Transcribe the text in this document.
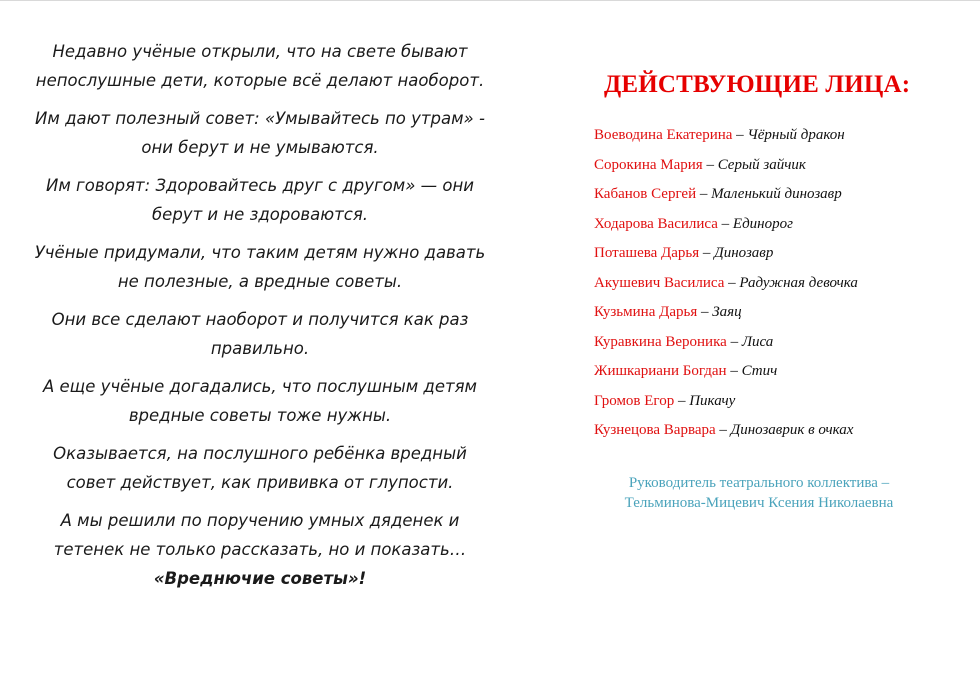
Недавно учёные открыли, что на свете бывают непослушные дети, которые всё делают наоборот.

Им дают полезный совет: «Умывайтесь по утрам» - они берут и не умываются.

Им говорят: Здоровайтесь друг с другом» — они берут и не здороваются.

Учёные придумали, что таким детям нужно давать не полезные, а вредные советы.

Они все сделают наоборот и получится как раз правильно.

А еще учёные догадались, что послушным детям вредные советы тоже нужны.

Оказывается, на послушного ребёнка вредный совет действует, как прививка от глупости.

А мы решили по поручению умных дяденек и тетенек не только рассказать, но и показать…
«Вреднючие советы»!

ДЕЙСТВУЮЩИЕ ЛИЦА:
Воеводина Екатерина – Чёрный дракон
Сорокина Мария – Серый зайчик
Кабанов Сергей – Маленький динозавр
Ходарова Василиса – Единорог
Поташева Дарья – Динозавр
Акушевич Василиса – Радужная девочка
Кузьмина Дарья – Заяц
Куравкина Вероника – Лиса
Жишкариани Богдан – Стич
Громов Егор – Пикачу
Кузнецова Варвара – Динозаврик в очках
Руководитель театрального коллектива –
Тельминова-Мицевич Ксения Николаевна
